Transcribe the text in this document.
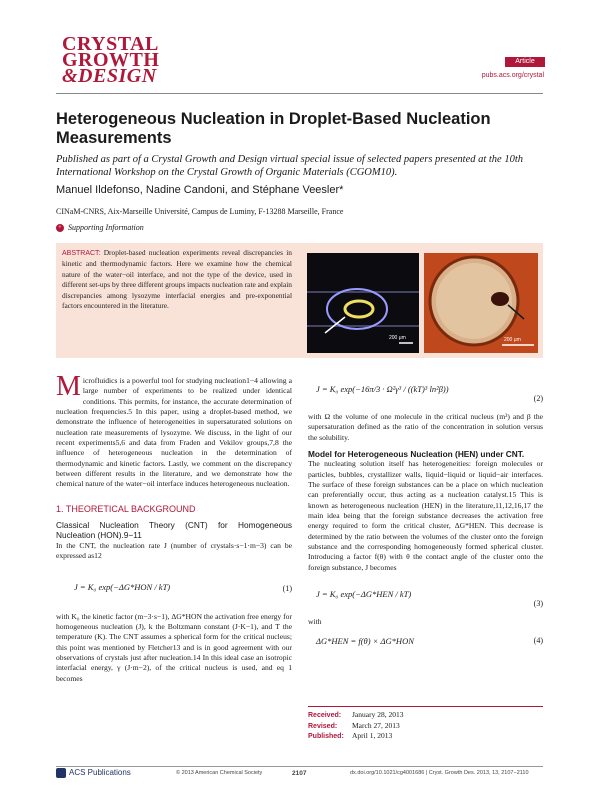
CRYSTAL
GROWTH
&DESIGN
Article
pubs.acs.org/crystal
Heterogeneous Nucleation in Droplet-Based Nucleation Measurements
Published as part of a Crystal Growth and Design virtual special issue of selected papers presented at the 10th International Workshop on the Crystal Growth of Organic Materials (CGOM10).
Manuel Ildefonso, Nadine Candoni, and Stéphane Veesler*
CINaM-CNRS, Aix-Marseille Université, Campus de Luminy, F-13288 Marseille, France
+ Supporting Information
ABSTRACT: Droplet-based nucleation experiments reveal discrepancies in kinetic and thermodynamic factors. Here we examine how the chemical nature of the water−oil interface, and not the type of the device, used in different set-ups by three different groups impacts nucleation rate and explain discrepancies among lysozyme interfacial energies and pre-exponential factors encountered in the literature.
200 μm	200 μm

Microfluidics is a powerful tool for studying nucleation1−4 allowing a large number of experiments to be realized under identical conditions. This permits, for instance, the accurate determination of nucleation frequencies.5 In this paper, using a droplet-based method, we demonstrate the influence of heterogeneities in supersaturated solutions on nucleation rate measurements of lysozyme. We discuss, in the light of our recent experiments5,6 and data from Fraden and Vekilov groups,7,8 the influence of heterogeneous nucleation in the determination of thermodynamic and kinetic factors. Lastly, we comment on the discrepancy between different results in the literature, and we demonstrate how the chemical nature of the water−oil interface induces heterogeneous nucleation.

1. THEORETICAL BACKGROUND

Classical Nucleation Theory (CNT) for Homogeneous Nucleation (HON).9−11

In the CNT, the nucleation rate J (number of crystals·s−1·m−3) can be expressed as12

J = K₀ exp(−ΔG*HON / kT)	(1)

with K₀ the kinetic factor (m−3·s−1), ΔG*HON the activation free energy for homogeneous nucleation (J), k the Boltzmann constant (J·K−1), and T the temperature (K). The CNT assumes a spherical form for the critical nucleus; this point was mentioned by Fletcher13 and is in good agreement with our observations of crystals just after nucleation.14 In this ideal case an isotropic interfacial energy, γ (J·m−2), of the critical nucleus is used, and eq 1 becomes

J = K₀ exp(−16π/3 · Ω²γ³ / ((kT)³ ln²β))
(2)

with Ω the volume of one molecule in the critical nucleus (m³) and β the supersaturation defined as the ratio of the concentration in solution versus the solubility.

Model for Heterogeneous Nucleation (HEN) under CNT.

The nucleating solution itself has heterogeneities: foreign molecules or particles, bubbles, crystallizer walls, liquid−liquid or liquid−air interfaces. The surface of these foreign substances can be a place on which nucleation can preferentially occur, thus acting as a nucleation catalyst.15 This is known as heterogeneous nucleation (HEN) in the literature,11,12,16,17 the main idea being that the foreign substance decreases the activation free energy required to form the critical cluster, ΔG*HEN. This decrease is determined by the ratio between the volumes of the cluster onto the foreign substance and the corresponding homogeneously formed spherical cluster. Introducing a factor f(θ) with θ the contact angle of the cluster onto the foreign substance, J becomes

J = K₀ exp(−ΔG*HEN / kT)
(3)

with

ΔG*HEN = f(θ) × ΔG*HON	(4)
Received: January 28, 2013
Revised: March 27, 2013
Published: April 1, 2013
ACS Publications	© 2013 American Chemical Society	2107	dx.doi.org/10.1021/cg4001686 | Cryst. Growth Des. 2013, 13, 2107−2110
